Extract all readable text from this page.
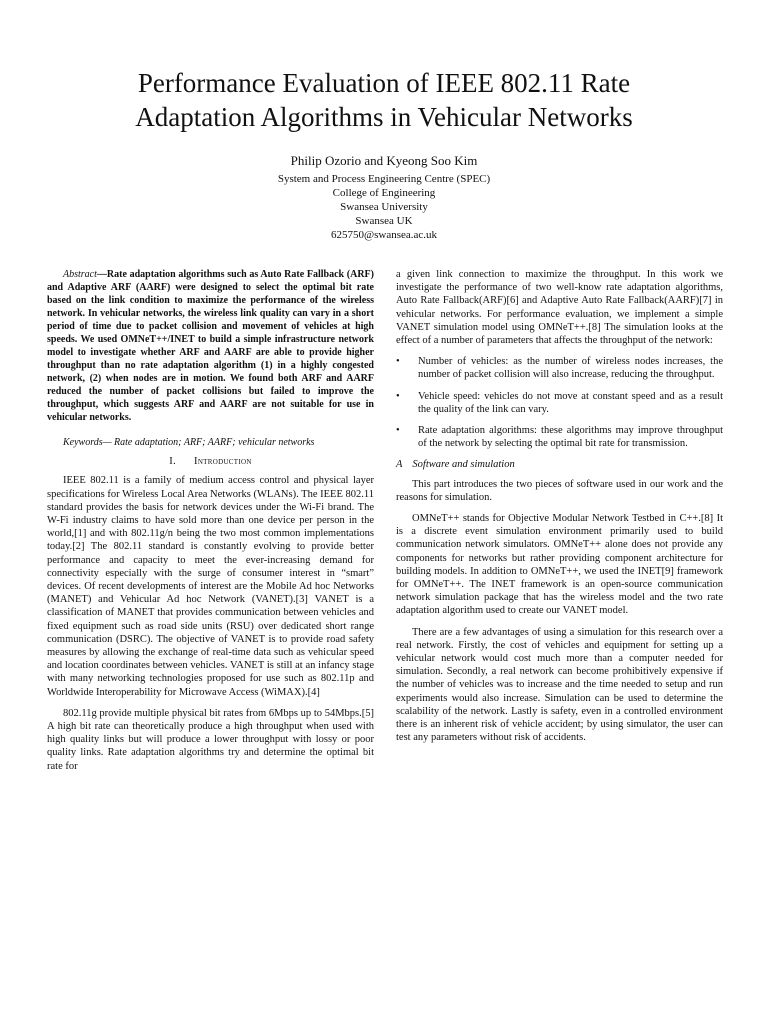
Performance Evaluation of IEEE 802.11 Rate
Adaptation Algorithms in Vehicular Networks
Philip Ozorio and Kyeong Soo Kim
System and Process Engineering Centre (SPEC)
College of Engineering
Swansea University
Swansea UK
625750@swansea.ac.uk

Abstract—Rate adaptation algorithms such as Auto Rate Fallback (ARF) and Adaptive ARF (AARF) were designed to select the optimal bit rate based on the link condition to maximize the performance of the wireless network. In vehicular networks, the wireless link quality can vary in a short period of time due to packet collision and movement of vehicles at high speeds. We used OMNeT++/INET to build a simple infrastructure network model to investigate whether ARF and AARF are able to provide higher throughput than no rate adaptation algorithm (1) in a highly congested network, (2) when nodes are in motion. We found both ARF and AARF reduced the number of packet collisions but failed to improve the throughput, which suggests ARF and AARF are not suitable for use in vehicular networks.

Keywords— Rate adaptation; ARF; AARF; vehicular networks
I. Introduction

IEEE 802.11 is a family of medium access control and physical layer specifications for Wireless Local Area Networks (WLANs). The IEEE 802.11 standard provides the basis for network devices under the Wi-Fi brand. The W-Fi industry claims to have sold more than one device per person in the world,[1] and with 802.11g/n being the two most common implementations today.[2] The 802.11 standard is constantly evolving to provide better performance and capacity to meet the ever-increasing demand for connectivity especially with the surge of consumer interest in “smart” devices. Of recent developments of interest are the Mobile Ad hoc Networks (MANET) and Vehicular Ad hoc Network (VANET).[3] VANET is a classification of MANET that provides communication between vehicles and fixed equipment such as road side units (RSU) over dedicated short range communication (DSRC). The objective of VANET is to provide road safety measures by allowing the exchange of real-time data such as vehicular speed and location coordinates between vehicles. VANET is still at an infancy stage with many networking technologies proposed for use such as 802.11p and Worldwide Interoperability for Microwave Access (WiMAX).[4]

802.11g provide multiple physical bit rates from 6Mbps up to 54Mbps.[5] A high bit rate can theoretically produce a high throughput when used with high quality links but will produce a lower throughput with lossy or poor quality links. Rate adaptation algorithms try and determine the optimal bit rate for

a given link connection to maximize the throughput. In this work we investigate the performance of two well-know rate adaptation algorithms, Auto Rate Fallback(ARF)[6] and Adaptive Auto Rate Fallback(AARF)[7] in vehicular networks. For performance evaluation, we implement a simple VANET simulation model using OMNeT++.[8] The simulation looks at the effect of a number of parameters that affects the throughput of the network:

• Number of vehicles: as the number of wireless nodes increases, the number of packet collision will also increase, reducing the throughput.
• Vehicle speed: vehicles do not move at constant speed and as a result the quality of the link can vary.
• Rate adaptation algorithms: these algorithms may improve throughput of the network by selecting the optimal bit rate for transmission.
A Software and simulation

This part introduces the two pieces of software used in our work and the reasons for simulation.

OMNeT++ stands for Objective Modular Network Testbed in C++.[8] It is a discrete event simulation environment primarily used to build communication network simulators. OMNeT++ alone does not provide any components for networks but rather providing component architecture for building models. In addition to OMNeT++, we used the INET[9] framework for OMNeT++. The INET framework is an open-source communication network simulation package that has the wireless model and the two rate adaptation algorithm used to create our VANET model.

There are a few advantages of using a simulation for this research over a real network. Firstly, the cost of vehicles and equipment for setting up a vehicular network would cost much more than a computer needed for simulation. Secondly, a real network can become prohibitively expensive if the number of vehicles was to increase and the time needed to setup and run experiments would also increase. Simulation can be used to determine the scalability of the network. Lastly is safety, even in a controlled environment there is an inherent risk of vehicle accident; by using simulator, the user can test any parameters without risk of accidents.
